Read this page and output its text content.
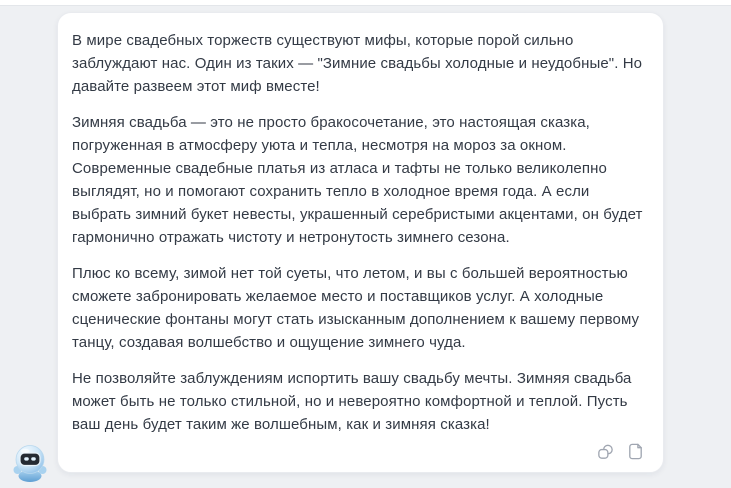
В мире свадебных торжеств существуют мифы, которые порой сильно заблуждают нас. Один из таких — "Зимние свадьбы холодные и неудобные". Но давайте развеем этот миф вместе!

Зимняя свадьба — это не просто бракосочетание, это настоящая сказка, погруженная в атмосферу уюта и тепла, несмотря на мороз за окном. Современные свадебные платья из атласа и тафты не только великолепно выглядят, но и помогают сохранить тепло в холодное время года. А если выбрать зимний букет невесты, украшенный серебристыми акцентами, он будет гармонично отражать чистоту и нетронутость зимнего сезона.

Плюс ко всему, зимой нет той суеты, что летом, и вы с большей вероятностью сможете забронировать желаемое место и поставщиков услуг. А холодные сценические фонтаны могут стать изысканным дополнением к вашему первому танцу, создавая волшебство и ощущение зимнего чуда.

Не позволяйте заблуждениям испортить вашу свадьбу мечты. Зимняя свадьба может быть не только стильной, но и невероятно комфортной и теплой. Пусть ваш день будет таким же волшебным, как и зимняя сказка!
